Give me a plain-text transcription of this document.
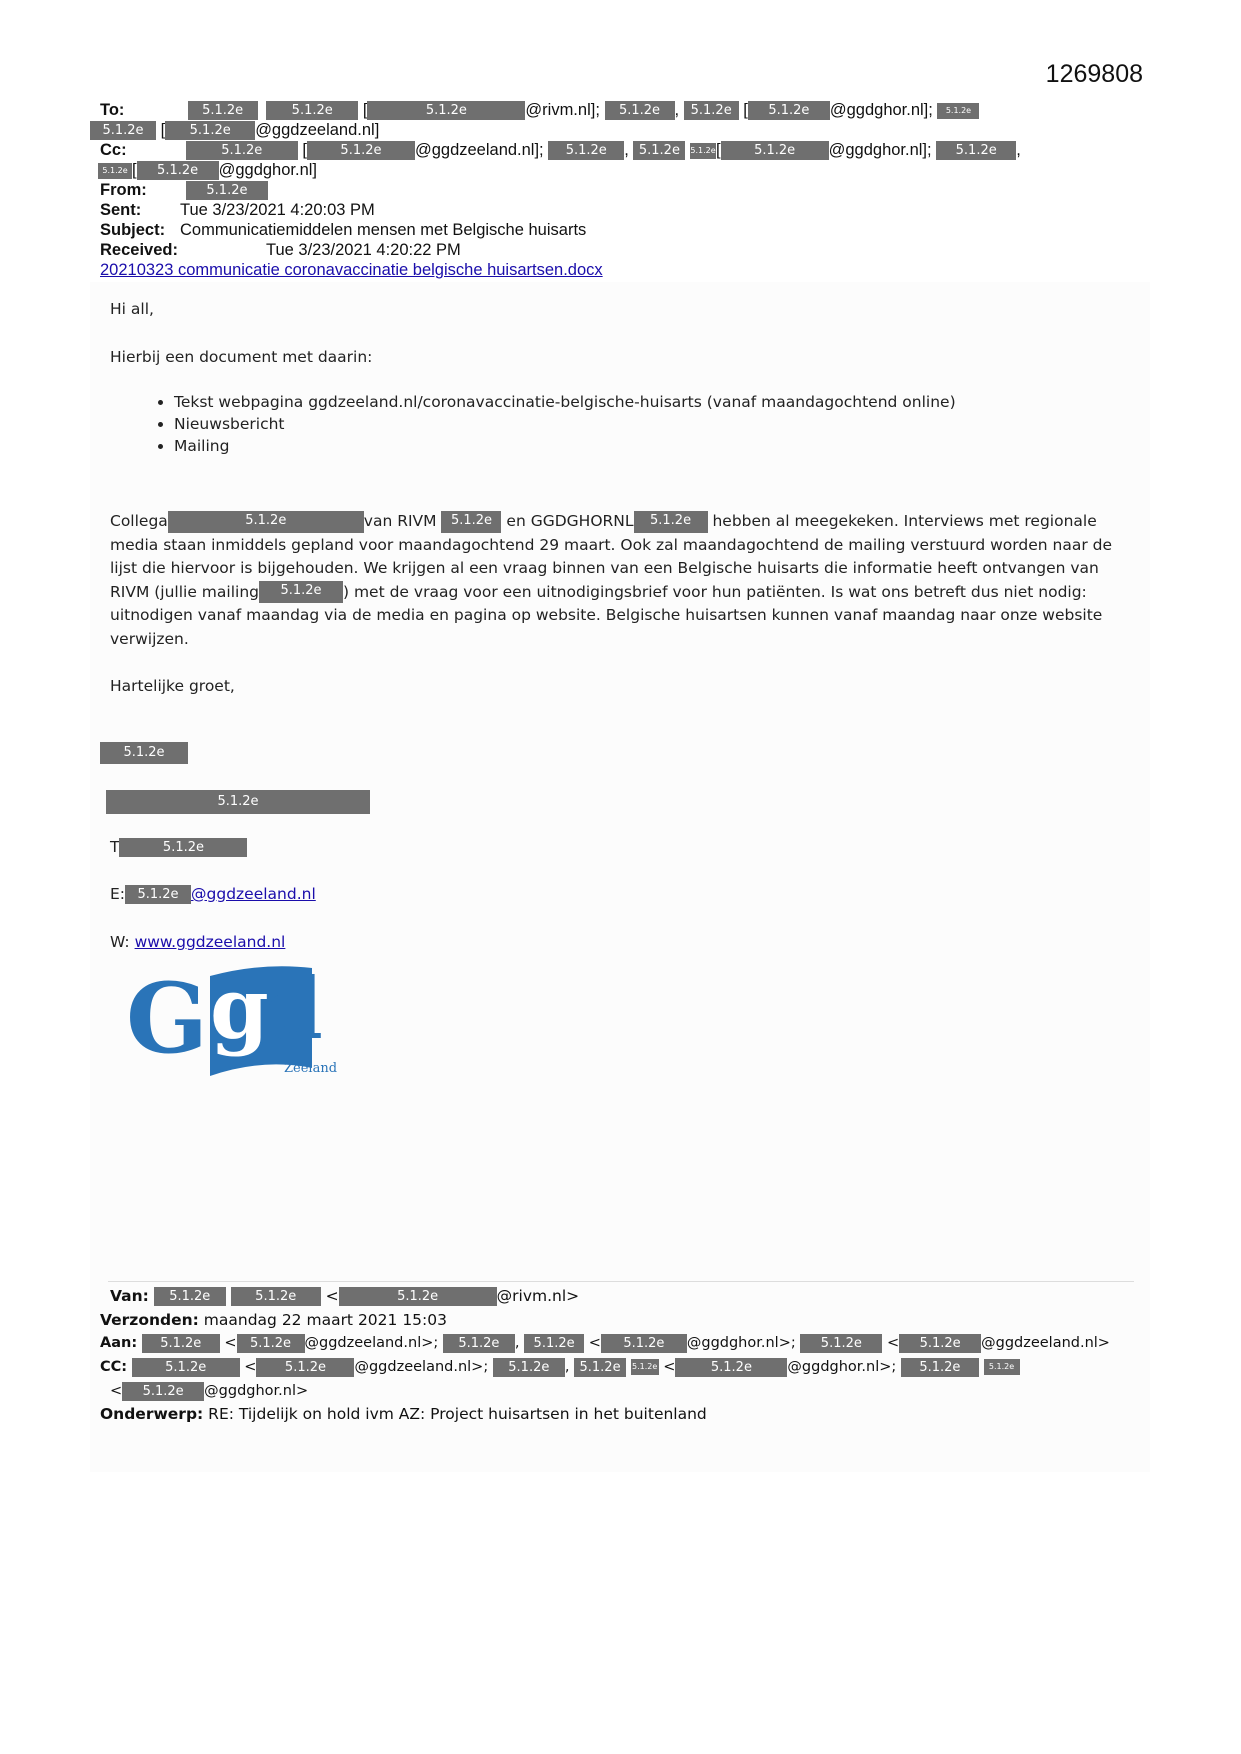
1269808
To:	5.1.2e	5.1.2e [	5.1.2e	@rivm.nl]; 5.1.2e , 5.1.2e [ 5.1.2e @ggdghor.nl]; 5.1.2e
5.1.2e [ 5.1.2e @ggdzeeland.nl]
Cc:	5.1.2e [	5.1.2e @ggdzeeland.nl]; 5.1.2e , 5.1.2e 5.1.2e[	5.1.2e @ggdghor.nl]; 5.1.2e ,
5.1.2e [ 5.1.2e @ggdghor.nl]
From:	5.1.2e
Sent: Tue 3/23/2021 4:20:03 PM
Subject: Communicatiemiddelen mensen met Belgische huisarts
Received:	Tue 3/23/2021 4:20:22 PM
20210323 communicatie coronavaccinatie belgische huisartsen.docx
Hi all,
Hierbij een document met daarin:
• Tekst webpagina ggdzeeland.nl/coronavaccinatie-belgische-huisarts (vanaf maandagochtend online)
• Nieuwsbericht
• Mailing
Collega	5.1.2e	van RIVM 5.1.2e en GGDGHORNL 5.1.2e hebben al meegekeken. Interviews met regionale media staan inmiddels gepland voor maandagochtend 29 maart. Ook zal maandagochtend de mailing verstuurd worden naar de lijst die hiervoor is bijgehouden. We krijgen al een vraag binnen van een Belgische huisarts die informatie heeft ontvangen van RIVM (jullie mailing 5.1.2e ) met de vraag voor een uitnodigingsbrief voor hun patiënten. Is wat ons betreft dus niet nodig: uitnodigen vanaf maandag via de media en pagina op website. Belgische huisartsen kunnen vanaf maandag naar onze website verwijzen.
Hartelijke groet,
5.1.2e
5.1.2e
T	5.1.2e
E: 5.1.2e @ggdzeeland.nl
W: www.ggdzeeland.nl
G g
d
Zeeland
Van: 5.1.2e	5.1.2e <	5.1.2e	@rivm.nl>
Verzonden: maandag 22 maart 2021 15:03
Aan: 5.1.2e < 5.1.2e @ggdzeeland.nl>; 5.1.2e , 5.1.2e < 5.1.2e @ggdghor.nl>; 5.1.2e < 5.1.2e @ggdzeeland.nl>
CC:	5.1.2e < 5.1.2e @ggdzeeland.nl>; 5.1.2e , 5.1.2e 5.1.2e <	5.1.2e @ggdghor.nl>; 5.1.2e	5.1.2e
< 5.1.2e @ggdghor.nl>
Onderwerp: RE: Tijdelijk on hold ivm AZ: Project huisartsen in het buitenland
